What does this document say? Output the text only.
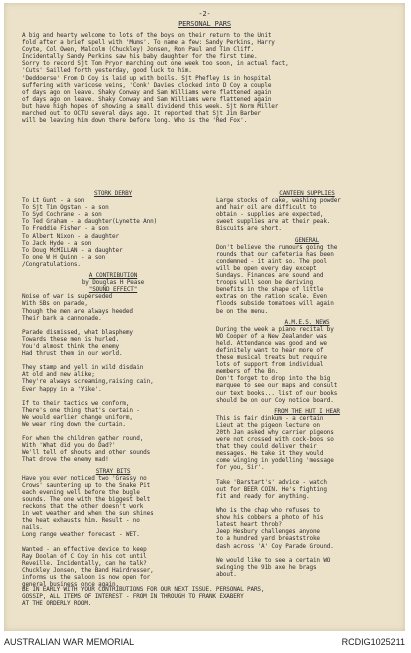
-2-
PERSONAL PARS
A big and hearty welcome to lots of the boys on their return to the Unit
fold after a brief spell with 'Mums'. To name a few: Sandy Perkins, Harry
Coyte, Col Owen, Malcolm (Chuckley) Jonsen, Ron Paul and Tim Cliff.
Incidentally Sandy Perkins saw his baby daughter for the first time.
Sorry to record Sjt Tom Pryor marching out one week too soon, in actual fact,
'Cuts' Sailled forth yesterday, good luck to him.
'Deddoerse' From D Coy is laid up with boils. Sjt Phefley is in hospital
suffering with varicose veins, 'Conk' Davies clocked into D Coy a couple
of days ago on leave. Shaky Conway and Sam Williams were flattened again
of days ago on leave. Shaky Conway and Sam Williams were flattened again
but have high hopes of showing a small dividend this week. Sjt Norm Miller
marched out to OCTU several days ago. It reported that Sjt Jim Barber
will be leaving him down there before long. Who is the 'Red Fox'.
STORK DERBY
To Lt Gunt - a son
To Sjt Tim Ogstan - a son
To Syd Cochrane - a son
To Ted Graham - a daughter(Lynette Ann)
To Freddie Fisher - a son
To Albert Nixon - a daughter
To Jack Hyde - a son
To Doug McMILLAN - a daughter
To one W H Quinn - a son
/Congratulations.
A CONTRIBUTION
by Douglas H Pease
"SOUND EFFECT"
Noise of war is superseded
With SBs on parade,
Though the men are always heeded
Their bark a cannonade.

Parade dismissed, what blasphemy
Towards these men is hurled.
You'd almost think the enemy
Had thrust them in our world.

They stamp and yell in wild disdain
At old and new alike;
They're always screaming,raising cain,
Ever happy in a 'Yike'.

If to their tactics we conform,
There's one thing that's certain -
We would earlier change uniform,
We wear ring down the curtain.

For when the children gather round,
With 'What did you do Dad?'
We'll tell of shouts and other sounds
That drove the enemy mad!
STRAY BITS
Have you ever noticed two 'Grassy no
Crows' sauntering up to the Snake Pit
each evening well before the bugle
sounds. The one with the biggest belt
reckons that the other doesn't work
in wet weather and when the sun shines
the heat exhausts him. Result - no
nails.
Long range weather forecast - WET.

Wanted - an effective device to keep
Ray Doolan of C Coy in his cot until
Reveille. Incidentally, can he talk?
Chuckley Jonsen, the Band Hairdresser,
informs us the saloon is now open for
general business once again.
CANTEEN SUPPLIES
Large stocks of cake, washing powder
and hair oil are difficult to
obtain - supplies are expected,
sweet supplies are at their peak.
Biscuits are short.
GENERAL
Don't believe the rumours going the
rounds that our cafeteria has been
condemned - it aint so. The pool
will be open every day except
Sundays. Finances are sound and
troops will soon be deriving
benefits in the shape of little
extras on the ration scale. Even
floods subside tomatoes will again
be on the menu.
A.M.E.S. NEWS
During the week a piano recital by
WO Cooper of a New Zealander was
held. Attendance was good and we
definitely want to hear more of
these musical treats but require
lots of support from individual
members of the Bn.
Don't forget to drop into the big
marquee to see our maps and consult
our text books... list of our books
should be on our Coy notice board.
FROM THE HUT I HEAR
This is fair dinkum - a certain
Lieut at the pigeon lecture on
20th Jan asked why carrier pigeons
were not crossed with cock-boos so
that they could deliver their
messages. He take it they would
come winging in yodelling 'message
for you, Sir'.

Take 'Barstart's' advice - watch
out for BEER COIN. He's fighting
fit and ready for anything.

Who is the chap who refuses to
show his cobbers a photo of his
latest heart throb?
Jeep Hesbury challenges anyone
to a hundred yard breaststroke
dash across 'A' Coy Parade Ground.

We would like to see a certain WO
swinging the 91b axe he brags
about.
BE IN EARLY WITH YOUR CONTRIBUTIONS FOR OUR NEXT ISSUE. PERSONAL PARS,
GOSSIP, ALL ITEMS OF INTEREST - FROM IN THROUGH TO FRANK EXABERY
AT THE ORDERLY ROOM.
AUSTRALIAN WAR MEMORIAL	RCDIG1025211
